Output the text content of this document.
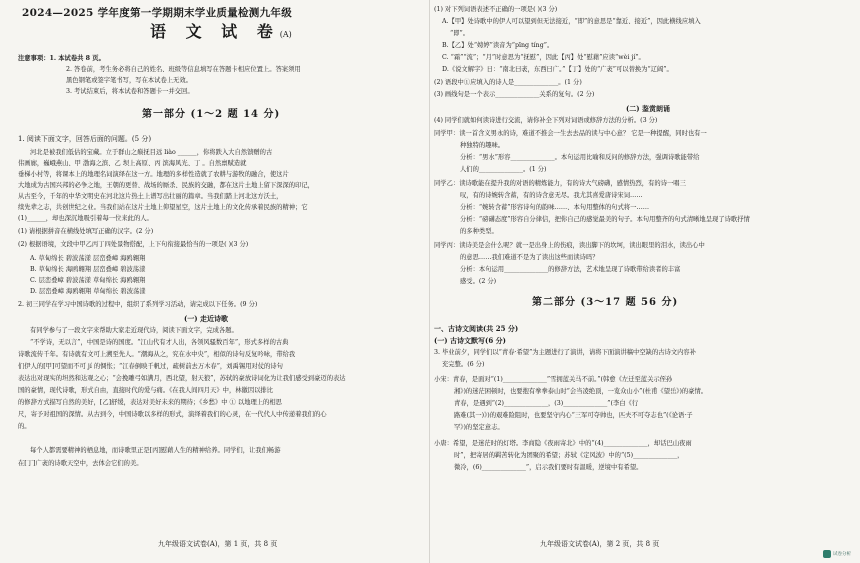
2024—2025 学年度第一学期期末学业质量检测九年级
语 文 试 卷(A)
注意事项：1. 本试卷共 8 页。
2. 答卷前，考生务必将自己的姓名、班级等信息填写在答题卡相应位置上。答案须用
黑色钢笔或签字笔书写，写在本试卷上无效。
3. 考试结束后，将本试卷和答题卡一并交回。
第一部分 (1～2 题 14 分)
1. 阅读下面文字，回答后面的问题。(5 分)
河北是被我们低估的宝藏。立于群山之巅抚目远 liào ______，你将跌入大自然馈赠的古
伟画廊，巍峨燕山、甲 渤海之滨、乙 坝上高原、丙 滨海风光、丁 。自然禀赋造就
垂梯小村等，将课本上的地理名词演绎在这一方。地理的多样性造就了农耕与游牧的融合，使这片
大地成为古国兴邦的必争之地，王朝的更替、战场的厮杀、民族的交融，都在这片土地上留下深深的印记，
从古至今，千年的中华文明史在河北这片热土上谱写出壮丽的篇章。当我们踏上河北这方沃土，
续先辈之志，共创世纪之业。当我们站在这片土地上仰望星空，这片土地上的文化传承着民族的精神；它
(1)______，却也深沉地吸引着每一位来此的人。
(1) 请根据拼音在横线处填写正确的汉字。(2 分)
(2) 根据语境，文段中甲乙丙丁四处景物搭配，上下句衔接最恰当的一项是( )(3 分)
A. 草甸绵长 碧波荡漾 层峦叠嶂 海鸥翱翔
B. 草甸绵长 海鸥翱翔 层峦叠嶂 碧波荡漾
C. 层峦叠嶂 碧波荡漾 草甸绵长 海鸥翱翔
D. 层峦叠嶂 海鸥翱翔 草甸绵长 碧波荡漾
2. 初三同学在学习中国诗歌的过程中，组织了系列学习活动，请完成以下任务。(9 分)
(一) 走近诗歌
有同学参与了一段文字来帮助大家走近现代诗，阅读下面文字，完成各题。
“不学诗，无以言”，中国是诗的国度。“江山代有才人出，各领风骚数百年”，形式多样的古典
诗歌流传千年。有诗就有文可上溯至先人。“潮海从之，究在水中央”，相似的诗句反复吟咏，带给我
们伊人的[甲]可望而不可 jí 的惆怅；“江春倒映千帆过，疏树前去万木春”，刘禹锡用对仗的诗句
表达出对现实的坦然和达观之心；“会挽雕弓如满月，西北望，射天狼”，苏轼的豪放诗词化为让我们感受到豪迈的表达
国的豪情，现代诗歌，形式自由，直接时代的爱与痛。《在我人间四月天》中，林徽因以排比
的修辞方式描写自然的美好，[乙]舒缓，表达对美好未来的期待；《乡愁》中 ① 以地理上的相思
尺，寄予对祖国的深情。从古到今，中国诗歌以多样的形式，演绎着我们的心灵，在一代代人中传递着我们的心
的。
每个人都需要精神的栖息地，而诗歌里正是[丙]慰藉人生的精神给养。同学们，让我们畅游
在[丁]广袤的诗歌天空中，去体会它们的美。
九年级语文试卷(A)，第 1 页，共 8 页
(1) 对下列词语表述不正确的一项是( )(3 分)
A.【甲】处诗歌中的伊人可以望到但无法接近，“即”的意思是“靠近、接近”，因此横线应填入
“即”。
B.【乙】处“娉婷”读音为“pīng tíng”。
C. “霜”“流”；“月”时意思为“抚慰”，因此【丙】处“慰藉”应读“wèi jí”。
D.《说文解字》日：“南北曰袤，东西曰广。”【丁】处的“广袤”可以替换为“辽阔”。
(2) 语段中①应填入的诗人是______________。(1 分)
(3) 画线句是一个表示______________关系的复句。(2 分)
(二) 鉴赏朗诵
(4) 同学们就如何读诗进行交流，请你补全下列对词语或修辞方法的分析。(3 分)
同学甲：读一首含义男永的诗，难道不推会一生去去品的读与中心意？ 它是一种提醒，同时也有一
种独特的趣味。
分析：“男水”形容______________。本句运用比喻和反问的修辞方法，强调诗歌能带给
人们的______________。(1 分)
同学乙：读诗歌能在提升我的对语的精炼能力，有的诗大气磅礴，感情热烈，有的诗一唱三
叹，有的诗婉转含蓄，有的诗含意无尽。我尤其喜爱唐诗宋词……
分析：“婉转含蓄”形容诗句的韵味……、本句用整体的句式将一……
分析：“磅礴态度”形容自分律信，把你自己的感觉最美的句子。本句用整齐的句式清晰地呈现了诗歌抒情
的多种类型。
同学丙：读诗美是会什么呢？就一是出身上的伤痕，读出脚下的坎坷，读出眼里的泪水，读出心中
的意思……我们难道不是为了读出这些而读诗吗？
分析：本句运用______________的修辞方法，艺术地呈现了诗歌带给读者的丰富
感受。(2 分)
第二部分 (3～17 题 56 分)
一、古诗文阅读(共 25 分)
(一) 古诗文默写(6 分)
3. 毕业前夕，同学们以“青春·希望”为主题进行了演讲，请将下面演讲稿中空缺的古诗文内容补
充完整。(6 分)
小宋：青春，是面对“(1)______________”雪拥蓝关马不前。”(韩愈《左迁至蓝关示侄孙
湘》)的迷茫困顿时，也要抱有拳拳泰山时“会当凌绝顶，一览众山小”(杜甫《望岳》)的豪情。
青春，是遇到“(2)______________，(3)______________”(李白《行
路难(其一)》)的艰难险阻时，也要坚守内心“三军可夺帅也，匹夫不可夺志也”(《论语·子
罕》)的坚定意志。
小唐：希望，是迷茫时的灯塔。李商隐《夜雨寄北》中的“(4)______________，却话巴山夜雨
时”，把寄居的羁苦转化为团聚的希望；苏轼《定风波》中的“(5)______________，
微冷，(6)______________”，启示我们要时有温暖，逆境中有希望。
九年级语文试卷(A)，第 2 页，共 8 页
试卷分析
